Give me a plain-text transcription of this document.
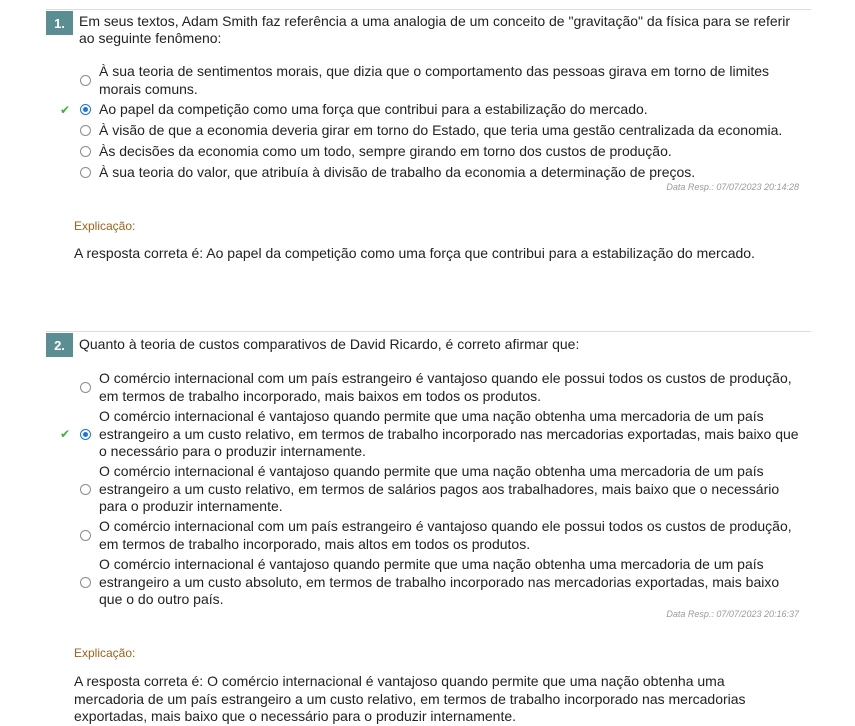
1.	Em seus textos, Adam Smith faz referência a uma analogia de um conceito de "gravitação" da física para se referir ao seguinte fenômeno:
À sua teoria de sentimentos morais, que dizia que o comportamento das pessoas girava em torno de limites morais comuns.
✔	Ao papel da competição como uma força que contribui para a estabilização do mercado.
À visão de que a economia deveria girar em torno do Estado, que teria uma gestão centralizada da economia.
Às decisões da economia como um todo, sempre girando em torno dos custos de produção.
À sua teoria do valor, que atribuía à divisão de trabalho da economia a determinação de preços.
Data Resp.: 07/07/2023 20:14:28
Explicação:
A resposta correta é: Ao papel da competição como uma força que contribui para a estabilização do mercado.
2.	Quanto à teoria de custos comparativos de David Ricardo, é correto afirmar que:
O comércio internacional com um país estrangeiro é vantajoso quando ele possui todos os custos de produção, em termos de trabalho incorporado, mais baixos em todos os produtos.
✔
O comércio internacional é vantajoso quando permite que uma nação obtenha uma mercadoria de um país estrangeiro a um custo relativo, em termos de trabalho incorporado nas mercadorias exportadas, mais baixo que o necessário para o produzir internamente.
O comércio internacional é vantajoso quando permite que uma nação obtenha uma mercadoria de um país estrangeiro a um custo relativo, em termos de salários pagos aos trabalhadores, mais baixo que o necessário para o produzir internamente.
O comércio internacional com um país estrangeiro é vantajoso quando ele possui todos os custos de produção, em termos de trabalho incorporado, mais altos em todos os produtos.
O comércio internacional é vantajoso quando permite que uma nação obtenha uma mercadoria de um país estrangeiro a um custo absoluto, em termos de trabalho incorporado nas mercadorias exportadas, mais baixo que o do outro país.
Data Resp.: 07/07/2023 20:16:37
Explicação:
A resposta correta é: O comércio internacional é vantajoso quando permite que uma nação obtenha uma mercadoria de um país estrangeiro a um custo relativo, em termos de trabalho incorporado nas mercadorias exportadas, mais baixo que o necessário para o produzir internamente.
